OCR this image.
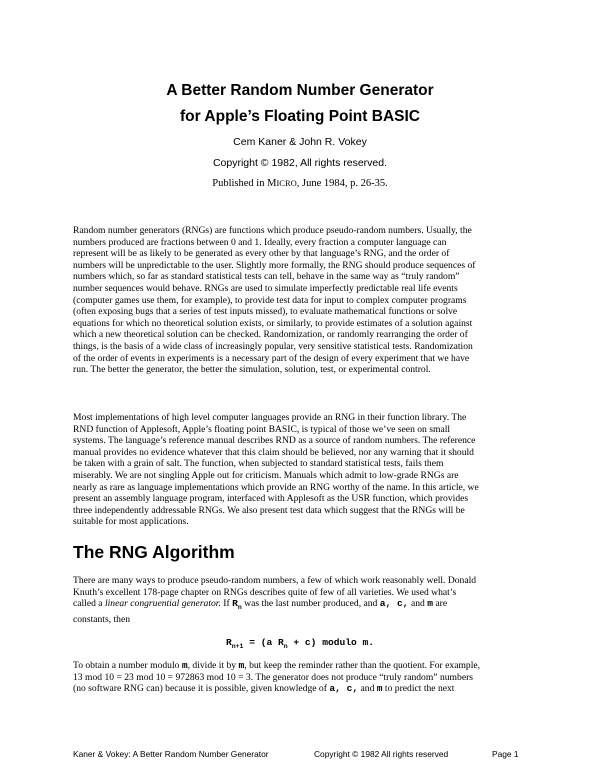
A Better Random Number Generator
for Apple’s Floating Point BASIC
Cem Kaner & John R. Vokey
Copyright © 1982, All rights reserved.
Published in MICRO, June 1984, p. 26-35.
Random number generators (RNGs) are functions which produce pseudo-random numbers. Usually, the
numbers produced are fractions between 0 and 1. Ideally, every fraction a computer language can
represent will be as likely to be generated as every other by that language’s RNG, and the order of
numbers will be unpredictable to the user. Slightly more formally, the RNG should produce sequences of
numbers which, so far as standard statistical tests can tell, behave in the same way as “truly random”
number sequences would behave. RNGs are used to simulate imperfectly predictable real life events
(computer games use them, for example), to provide test data for input to complex computer programs
(often exposing bugs that a series of test inputs missed), to evaluate mathematical functions or solve
equations for which no theoretical solution exists, or similarly, to provide estimates of a solution against
which a new theoretical solution can be checked. Randomization, or randomly rearranging the order of
things, is the basis of a wide class of increasingly popular, very sensitive statistical tests. Randomization
of the order of events in experiments is a necessary part of the design of every experiment that we have
run. The better the generator, the better the simulation, solution, test, or experimental control.
Most implementations of high level computer languages provide an RNG in their function library. The
RND function of Applesoft, Apple’s floating point BASIC, is typical of those we’ve seen on small
systems. The language’s reference manual describes RND as a source of random numbers. The reference
manual provides no evidence whatever that this claim should be believed, nor any warning that it should
be taken with a grain of salt. The function, when subjected to standard statistical tests, fails them
miserably. We are not singling Apple out for criticism. Manuals which admit to low-grade RNGs are
nearly as rare as language implementations which provide an RNG worthy of the name. In this article, we
present an assembly language program, interfaced with Applesoft as the USR function, which provides
three independently addressable RNGs. We also present test data which suggest that the RNGs will be
suitable for most applications.
The RNG Algorithm
There are many ways to produce pseudo-random numbers, a few of which work reasonably well. Donald
Knuth’s excellent 178-page chapter on RNGs describes quite of few of all varieties. We used what’s
called a linear congruential generator. If $R_n$ was the last number produced, and a, c, and m are
constants, then
$R_{n+1} = (a$ $R_n + c$) modulo m.
To obtain a number modulo m, divide it by m, but keep the reminder rather than the quotient. For example,
13 mod 10 = 23 mod 10 = 972863 mod 10 = 3. The generator does not produce “truly random” numbers
(no software RNG can) because it is possible, given knowledge of a, c, and m to predict the next
Kaner & Vokey: A Better Random Number Generator	Copyright © 1982 All rights reserved	Page 1
